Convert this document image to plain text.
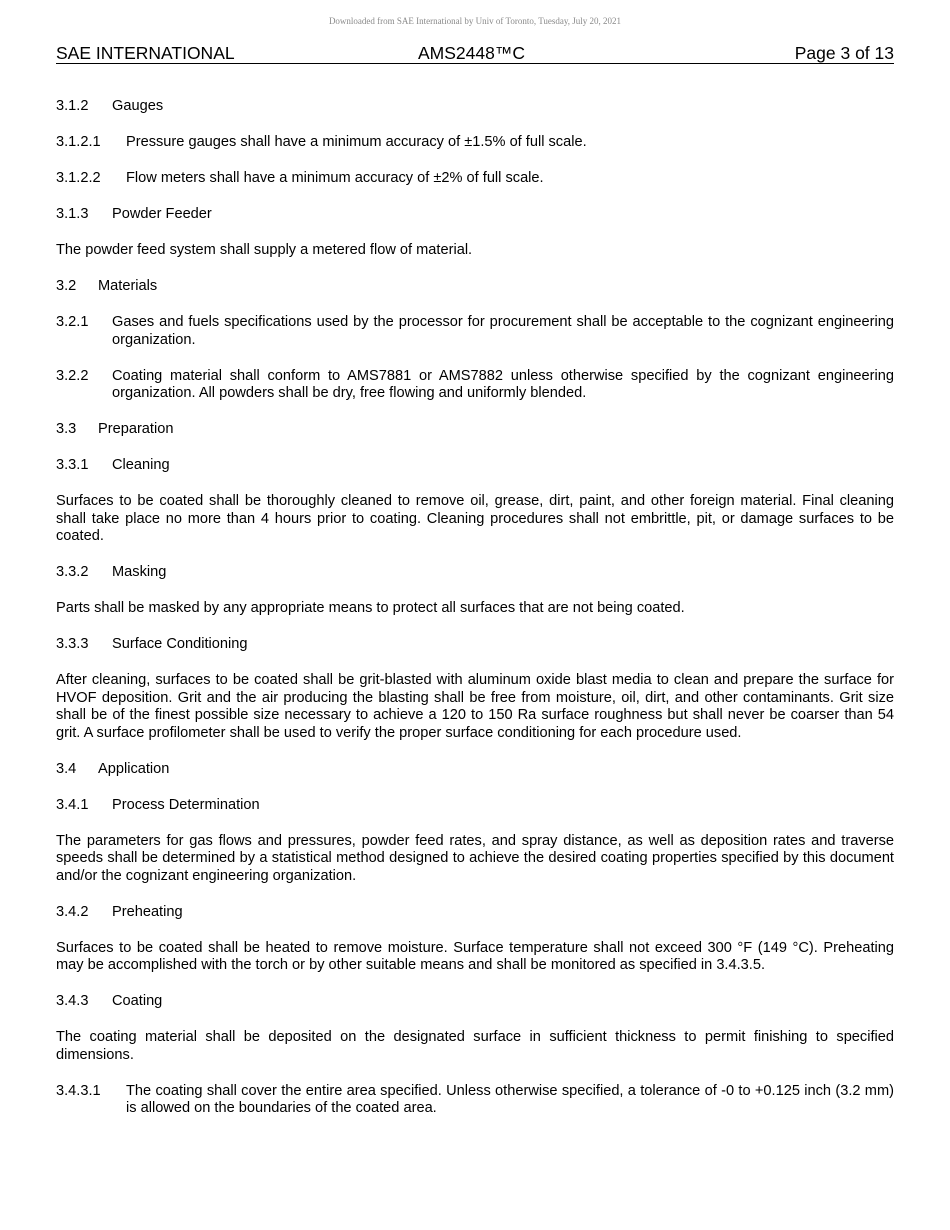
Downloaded from SAE International by Univ of Toronto, Tuesday, July 20, 2021
SAE INTERNATIONAL	AMS2448™C	Page 3 of 13
3.1.2	Gauges
3.1.2.1	Pressure gauges shall have a minimum accuracy of ±1.5% of full scale.
3.1.2.2	Flow meters shall have a minimum accuracy of ±2% of full scale.
3.1.3	Powder Feeder

The powder feed system shall supply a metered flow of material.

3.2	Materials
3.2.1	Gases and fuels specifications used by the processor for procurement shall be acceptable to the cognizant engineering organization.
3.2.2	Coating material shall conform to AMS7881 or AMS7882 unless otherwise specified by the cognizant engineering organization. All powders shall be dry, free flowing and uniformly blended.
3.3	Preparation
3.3.1	Cleaning

Surfaces to be coated shall be thoroughly cleaned to remove oil, grease, dirt, paint, and other foreign material. Final cleaning shall take place no more than 4 hours prior to coating. Cleaning procedures shall not embrittle, pit, or damage surfaces to be coated.

3.3.2	Masking

Parts shall be masked by any appropriate means to protect all surfaces that are not being coated.

3.3.3	Surface Conditioning

After cleaning, surfaces to be coated shall be grit-blasted with aluminum oxide blast media to clean and prepare the surface for HVOF deposition. Grit and the air producing the blasting shall be free from moisture, oil, dirt, and other contaminants. Grit size shall be of the finest possible size necessary to achieve a 120 to 150 Ra surface roughness but shall never be coarser than 54 grit. A surface profilometer shall be used to verify the proper surface conditioning for each procedure used.

3.4	Application
3.4.1	Process Determination

The parameters for gas flows and pressures, powder feed rates, and spray distance, as well as deposition rates and traverse speeds shall be determined by a statistical method designed to achieve the desired coating properties specified by this document and/or the cognizant engineering organization.

3.4.2	Preheating

Surfaces to be coated shall be heated to remove moisture. Surface temperature shall not exceed 300 °F (149 °C). Preheating may be accomplished with the torch or by other suitable means and shall be monitored as specified in 3.4.3.5.

3.4.3	Coating

The coating material shall be deposited on the designated surface in sufficient thickness to permit finishing to specified dimensions.

3.4.3.1	The coating shall cover the entire area specified. Unless otherwise specified, a tolerance of -0 to +0.125 inch (3.2 mm) is allowed on the boundaries of the coated area.
